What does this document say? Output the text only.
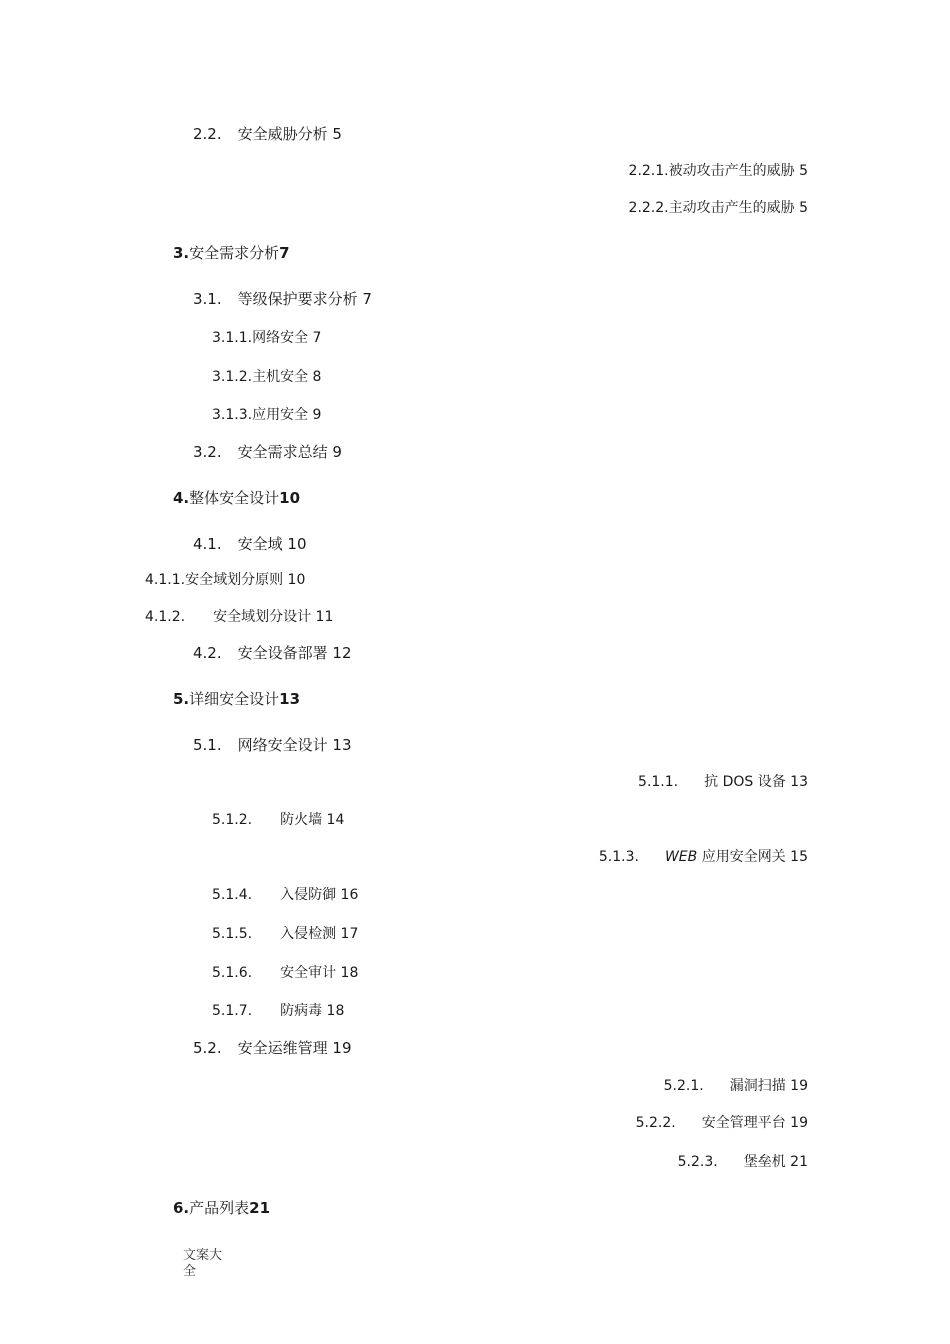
2.2. 安全威胁分析 5
2.2.1.被动攻击产生的威胁 5
2.2.2.主动攻击产生的威胁 5
3.安全需求分析7
3.1. 等级保护要求分析 7
3.1.1.网络安全 7
3.1.2.主机安全 8
3.1.3.应用安全 9
3.2. 安全需求总结 9
4.整体安全设计10
4.1. 安全域 10
4.1.1.安全域划分原则 10
4.1.2. 安全域划分设计 11
4.2. 安全设备部署 12
5.详细安全设计13
5.1. 网络安全设计 13
5.1.1. 抗 DOS 设备 13
5.1.2. 防火墙 14
5.1.3. WEB 应用安全网关 15
5.1.4. 入侵防御 16
5.1.5. 入侵检测 17
5.1.6. 安全审计 18
5.1.7. 防病毒 18
5.2. 安全运维管理 19
5.2.1. 漏洞扫描 19
5.2.2. 安全管理平台 19
5.2.3. 堡垒机 21
6.产品列表21
文案大全
